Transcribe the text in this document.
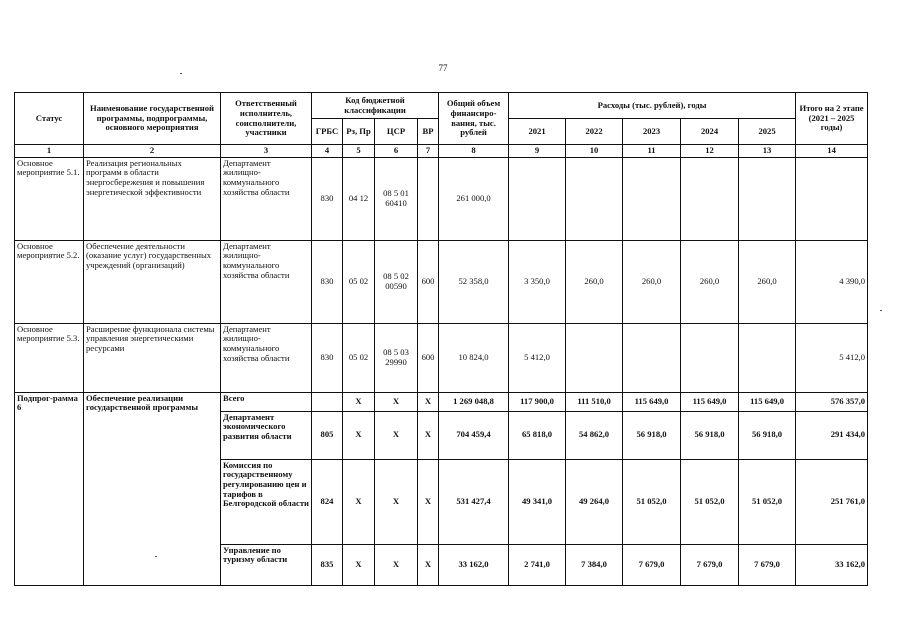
77
Статус	Наименование государственной программы, подпрограммы, основного мероприятия	Ответственный исполнитель, соисполнители, участники	Код бюджетной классификации				Общий объем финансиро-вания, тыс. рублей	Расходы (тыс. рублей), годы					Итого на 2 этапе (2021 – 2025 годы)
			ГРБС	Рз, Пр	ЦСР	ВР		2021	2022	2023	2024	2025	
1	2	3	4	5	6	7	8	9	10	11	12	13	14
Основное мероприятие 5.1.	Реализация региональных программ в области энергосбережения и повышения энергетической эффективности	Департамент жилищно-коммунального хозяйства области	830	04 12	08 5 01 60410		261 000,0						
Основное мероприятие 5.2.	Обеспечение деятельности (оказание услуг) государственных учреждений (организаций)	Департамент жилищно-коммунального хозяйства области	830	05 02	08 5 02 00590	600	52 358,0	3 350,0	260,0	260,0	260,0	260,0	4 390,0
Основное мероприятие 5.3.	Расширение функционала системы управления энергетическими ресурсами	Департамент жилищно-коммунального хозяйства области	830	05 02	08 5 03 29990	600	10 824,0	5 412,0					5 412,0
Подпрог-рамма 6	Обеспечение реализации государственной программы	Всего		Х	Х	Х	1 269 048,8	117 900,0	111 510,0	115 649,0	115 649,0	115 649,0	576 357,0
		Департамент экономического развития области	805	Х	Х	Х	704 459,4	65 818,0	54 862,0	56 918,0	56 918,0	56 918,0	291 434,0
		Комиссия по государственному регулированию цен и тарифов в Белгородской области	824	Х	Х	Х	531 427,4	49 341,0	49 264,0	51 052,0	51 052,0	51 052,0	251 761,0
		Управление по туризму области	835	Х	Х	Х	33 162,0	2 741,0	7 384,0	7 679,0	7 679,0	7 679,0	33 162,0
